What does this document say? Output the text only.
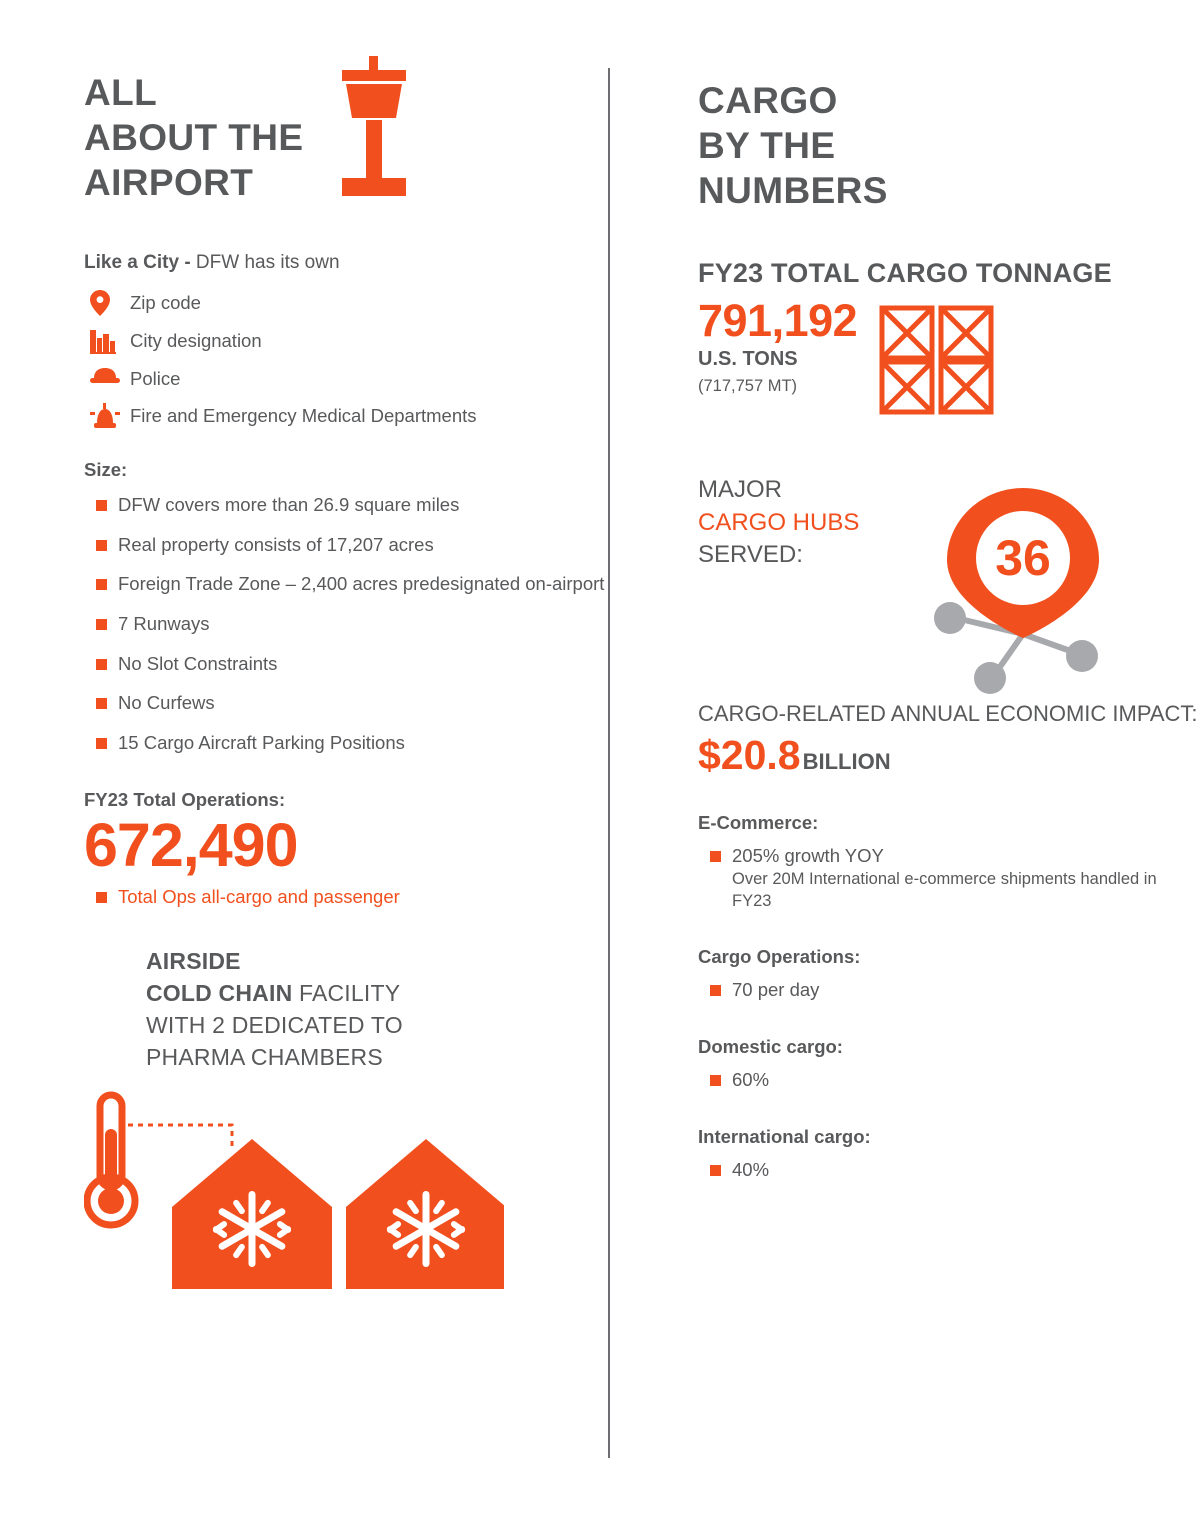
ALL
ABOUT THE
AIRPORT
Like a City - DFW has its own
Zip code
City designation
Police
Fire and Emergency Medical Departments
Size:
DFW covers more than 26.9 square miles
Real property consists of 17,207 acres
Foreign Trade Zone – 2,400 acres predesignated on-airport
7 Runways
No Slot Constraints
No Curfews
15 Cargo Aircraft Parking Positions
FY23 Total Operations:
672,490
Total Ops all-cargo and passenger
AIRSIDE
COLD CHAIN FACILITY
WITH 2 DEDICATED TO
PHARMA CHAMBERS
CARGO
BY THE
NUMBERS
FY23 TOTAL CARGO TONNAGE
791,192
U.S. TONS
(717,757 MT)
MAJOR
CARGO HUBS
SERVED:	36
CARGO-RELATED ANNUAL ECONOMIC IMPACT:
$20.8BILLION
E-Commerce:
205% growth YOY
Over 20M International e-commerce shipments handled in FY23
Cargo Operations:
70 per day
Domestic cargo:
60%
International cargo:
40%
